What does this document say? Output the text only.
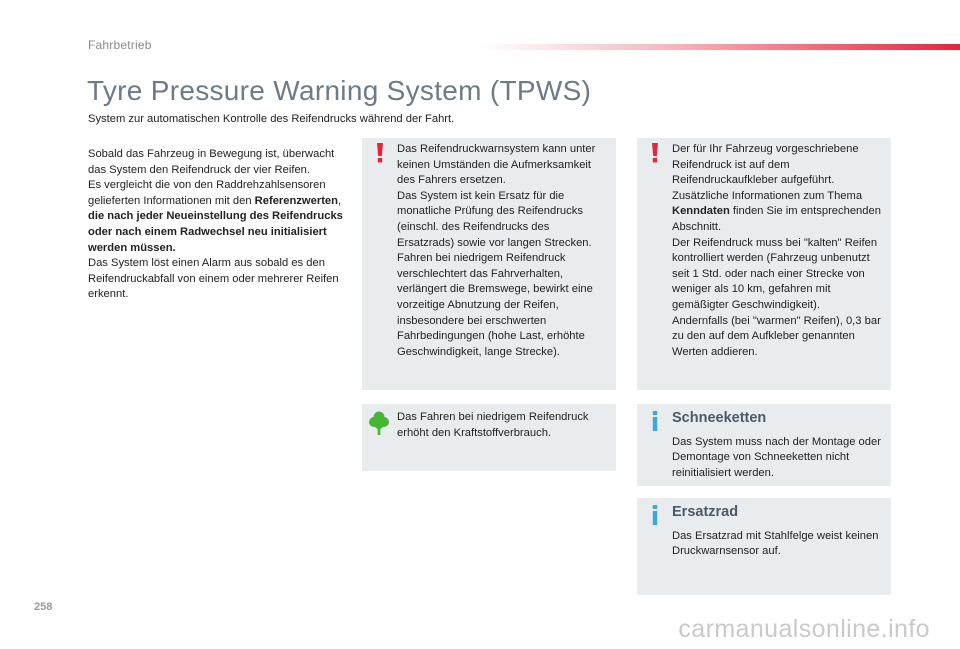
Fahrbetrieb
Tyre Pressure Warning System (TPWS)

System zur automatischen Kontrolle des Reifendrucks während der Fahrt.

Sobald das Fahrzeug in Bewegung ist, überwacht das System den Reifendruck der vier Reifen.

Es vergleicht die von den Raddrehzahlsensoren gelieferten Informationen mit den Referenzwerten,

die nach jeder Neueinstellung des Reifendrucks oder nach einem Radwechsel neu initialisiert werden müssen.

Das System löst einen Alarm aus sobald es den Reifendruckabfall von einem oder mehrerer Reifen erkennt.

Das Reifendruckwarnsystem kann unter keinen Umständen die Aufmerksamkeit des Fahrers ersetzen.

Das System ist kein Ersatz für die monatliche Prüfung des Reifendrucks (einschl. des Reifendrucks des Ersatzrads) sowie vor langen Strecken.

Fahren bei niedrigem Reifendruck verschlechtert das Fahrverhalten, verlängert die Bremswege, bewirkt eine vorzeitige Abnutzung der Reifen, insbesondere bei erschwerten Fahrbedingungen (hohe Last, erhöhte Geschwindigkeit, lange Strecke).

Der für Ihr Fahrzeug vorgeschriebene Reifendruck ist auf dem Reifendruckaufkleber aufgeführt.

Zusätzliche Informationen zum Thema Kenndaten finden Sie im entsprechenden Abschnitt.

Der Reifendruck muss bei "kalten" Reifen kontrolliert werden (Fahrzeug unbenutzt seit 1 Std. oder nach einer Strecke von weniger als 10 km, gefahren mit gemäßigter Geschwindigkeit).

Andernfalls (bei "warmen" Reifen), 0,3 bar zu den auf dem Aufkleber genannten Werten addieren.

Das Fahren bei niedrigem Reifendruck erhöht den Kraftstoffverbrauch.

Schneeketten

Das System muss nach der Montage oder Demontage von Schneeketten nicht reinitialisiert werden.

Ersatzrad

Das Ersatzrad mit Stahlfelge weist keinen Druckwarnsensor auf.

258
carmanualsonline.info
